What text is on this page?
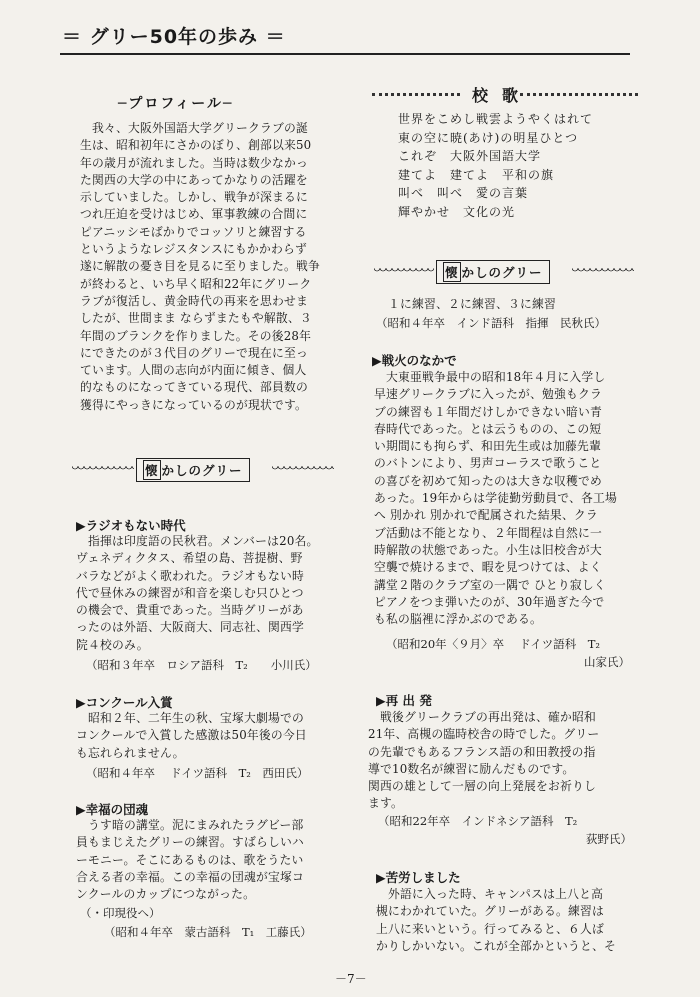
＝ グリー50年の歩み ＝
─プロフィール─
　我々、大阪外国語大学グリークラブの誕
生は、昭和初年にさかのぼり、創部以来50
年の歳月が流れました。当時は数少なかっ
た関西の大学の中にあってかなりの活躍を
示していました。しかし、戦争が深まるに
つれ圧迫を受けはじめ、軍事教練の合間に
ピアニッシモばかりでコッソリと練習する
というようなレジスタンスにもかかわらず
遂に解散の憂き目を見るに至りました。戦争
が終わると、いち早く昭和22年にグリーク
ラブが復活し、黄金時代の再来を思わせま
したが、世間まま ならずまたもや解散、３
年間のブランクを作りました。その後28年
にできたのが３代目のグリーで現在に至っ
ています。人間の志向が内面に傾き、個人
的なものになってきている現代、部員数の
獲得にやっきになっているのが現状です。
懐 かしのグリー
▶ラジオもない時代
　指揮は印度語の民秋君。メンバーは20名。
ヴェネディクタス、希望の島、菩提樹、野
バラなどがよく歌われた。ラジオもない時
代で昼休みの練習が和音を楽しむ只ひとつ
の機会で、貴重であった。当時グリーがあ
ったのは外語、大阪商大、同志社、関西学
院４校のみ。
（昭和３年卒　ロシア語科　T₂　　小川氏）
▶コンクール入賞
　昭和２年、二年生の秋、宝塚大劇場での
コンクールで入賞した感激は50年後の今日
も忘れられません。
（昭和４年卒　 ドイツ語科　T₂　西田氏）
▶幸福の団魂
　うす暗の講堂。泥にまみれたラグビー部
員もまじえたグリーの練習。すばらしいハ
ーモニー。そこにあるものは、歌をうたい
合える者の幸福。この幸福の団魂が宝塚コ
ンクールのカップにつながった。
（・印現役へ）
（昭和４年卒　蒙古語科　T₁　工藤氏）
校歌
世界をこめし戦雲ようやくはれて
東の空に暁(あけ)の明星ひとつ
これぞ　大阪外国語大学
建てよ　建てよ　平和の旗
叫べ　叫べ　愛の言葉
輝やかせ　文化の光
懐 かしのグリー
　１に練習、２に練習、３に練習
（昭和４年卒　インド語科　指揮　民秋氏）
▶戦火のなかで
　大東亜戦争最中の昭和18年４月に入学し
早速グリークラブに入ったが、勉強もクラ
ブの練習も１年間だけしかできない暗い青
春時代であった。とは云うものの、この短
い期間にも拘らず、和田先生或は加藤先輩
のバトンにより、男声コーラスで歌うこと
の喜びを初めて知ったのは大きな収穫でめ
あった。19年からは学徒勤労動員で、各工場
へ 別かれ 別かれで配属された結果、クラ
ブ活動は不能となり、２年間程は自然に一
時解散の状態であった。小生は旧校舎が大
空襲で焼けるまで、暇を見つけては、よく
講堂２階のクラブ室の一隅で ひとり寂しく
ピアノをつま弾いたのが、30年過ぎた今で
も私の脳裡に浮かぶのである。
（昭和20年〈９月〉卒　 ドイツ語科　T₂
山家氏）
▶再 出 発
　戦後グリークラブの再出発は、確か昭和
21年、高槻の臨時校舎の時でした。グリー
の先輩でもあるフランス語の和田教授の指
導で10数名が練習に励んだものです。
関西の雄として一層の向上発展をお祈りし
ます。
（昭和22年卒　インドネシア語科　T₂
荻野氏）
▶苦労しました
　外語に入った時、キャンパスは上八と高
槻にわかれていた。グリーがある。練習は
上八に来いという。行ってみると、６人ば
かりしかいない。これが全部かというと、そ
－7－
